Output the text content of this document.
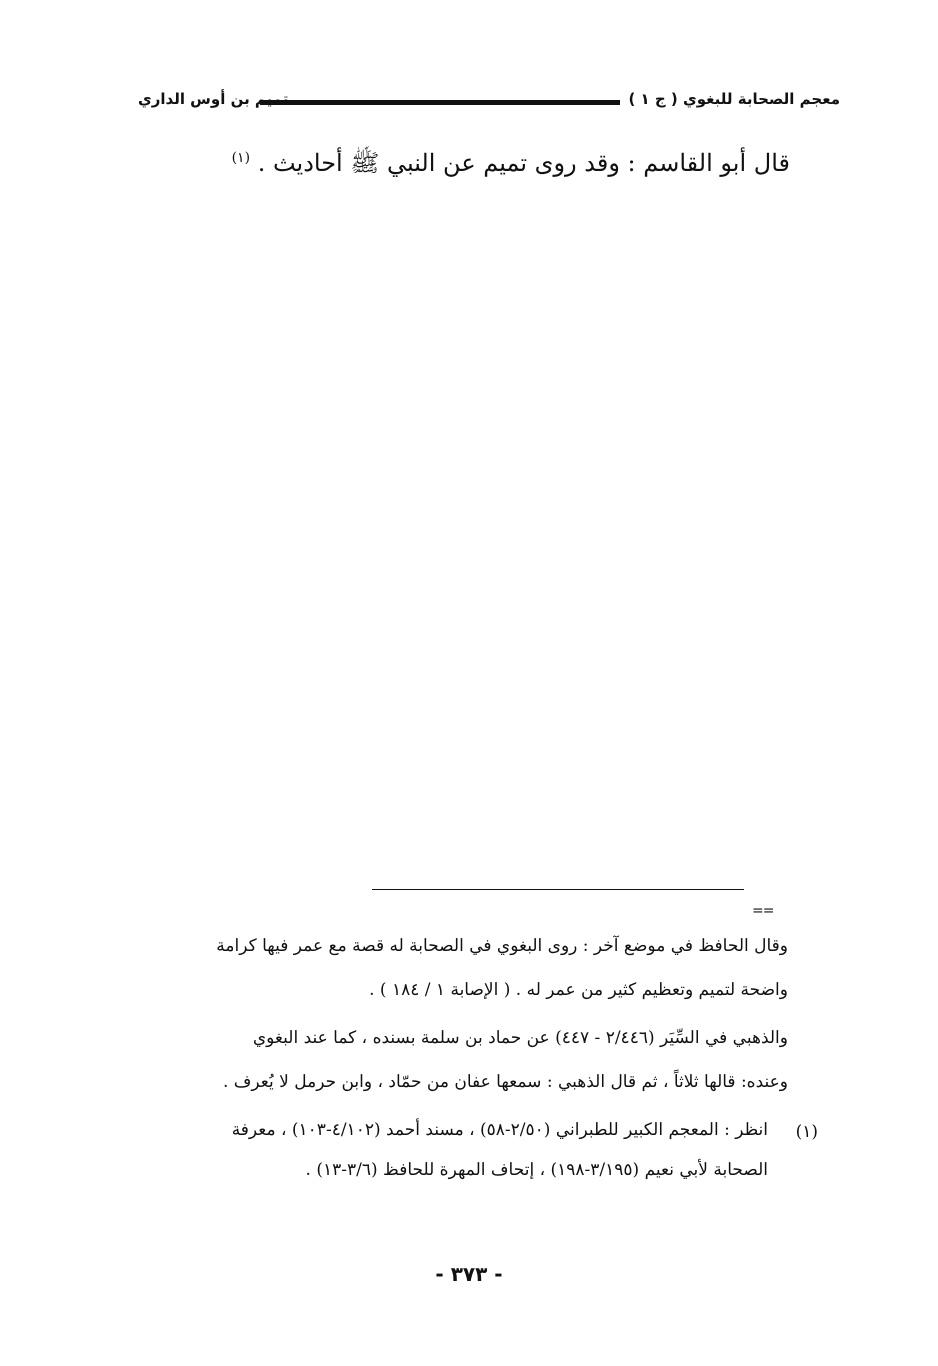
معجم الصحابة للبغوي ( ج ١ )
تميم بن أوس الداري
قال أبو القاسم : وقد روى تميم عن النبي ﷺ أحاديث . $^{(١)}$
==
وقال الحافظ في موضع آخر : روى البغوي في الصحابة له قصة مع عمر فيها كرامة
واضحة لتميم وتعظيم كثير من عمر له . ( الإصابة ١ / ١٨٤ ) .
والذهبي في السِّيَر (٢/٤٤٦ - ٤٤٧) عن حماد بن سلمة بسنده ، كما عند البغوي
وعنده: قالها ثلاثاً ، ثم قال الذهبي : سمعها عفان من حمّاد ، وابن حرمل لا يُعرف .
(١)
انظر : المعجم الكبير للطبراني (٢/٥٠-٥٨) ، مسند أحمد (٤/١٠٢-١٠٣) ، معرفة
الصحابة لأبي نعيم (٣/١٩٥-١٩٨) ، إتحاف المهرة للحافظ (٣/٦-١٣) .
- ٣٧٣ -
